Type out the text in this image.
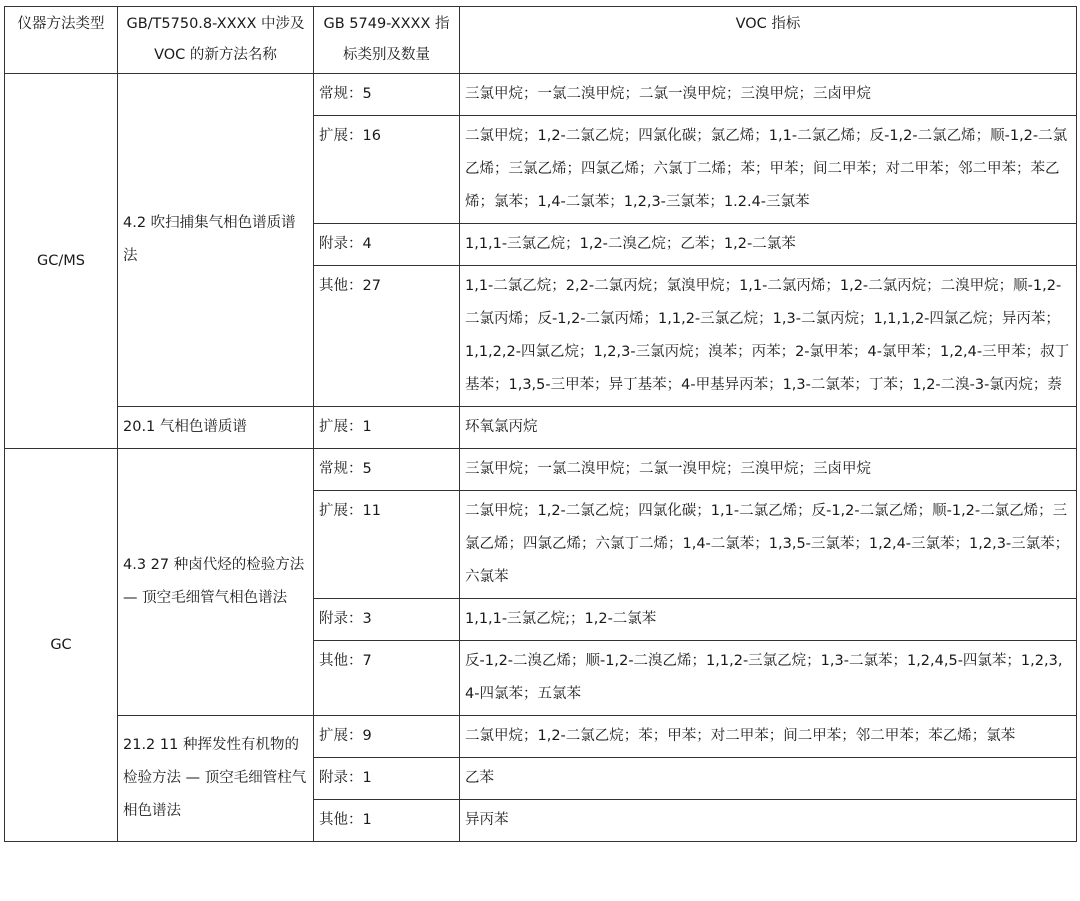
仪器方法类型	GB/T5750.8-XXXX 中涉及 VOC 的新方法名称	GB 5749-XXXX 指标类别及数量	VOC 指标
GC/MS	4.2 吹扫捕集气相色谱质谱法	常规：5	三氯甲烷；一氯二溴甲烷；二氯一溴甲烷；三溴甲烷；三卤甲烷
		扩展：16	二氯甲烷；1,2-二氯乙烷；四氯化碳；氯乙烯；1,1-二氯乙烯；反-1,2-二氯乙烯；顺-1,2-二氯乙烯；三氯乙烯；四氯乙烯；六氯丁二烯；苯；甲苯；间二甲苯；对二甲苯；邻二甲苯；苯乙烯；氯苯；1,4-二氯苯；1,2,3-三氯苯；1.2.4-三氯苯
		附录：4	1,1,1-三氯乙烷；1,2-二溴乙烷；乙苯；1,2-二氯苯
		其他：27	1,1-二氯乙烷；2,2-二氯丙烷；氯溴甲烷；1,1-二氯丙烯；1,2-二氯丙烷；二溴甲烷；顺-1,2-二氯丙烯；反-1,2-二氯丙烯；1,1,2-三氯乙烷；1,3-二氯丙烷；1,1,1,2-四氯乙烷；异丙苯；1,1,2,2-四氯乙烷；1,2,3-三氯丙烷；溴苯；丙苯；2-氯甲苯；4-氯甲苯；1,2,4-三甲苯；叔丁基苯；1,3,5-三甲苯；异丁基苯；4-甲基异丙苯；1,3-二氯苯；丁苯；1,2-二溴-3-氯丙烷；萘
	20.1 气相色谱质谱	扩展：1	环氧氯丙烷
GC	4.3 27 种卤代烃的检验方法 — 顶空毛细管气相色谱法	常规：5	三氯甲烷；一氯二溴甲烷；二氯一溴甲烷；三溴甲烷；三卤甲烷
		扩展：11	二氯甲烷；1,2-二氯乙烷；四氯化碳；1,1-二氯乙烯；反-1,2-二氯乙烯；顺-1,2-二氯乙烯；三氯乙烯；四氯乙烯；六氯丁二烯；1,4-二氯苯；1,3,5-三氯苯；1,2,4-三氯苯；1,2,3-三氯苯；六氯苯
		附录：3	1,1,1-三氯乙烷;；1,2-二氯苯
		其他：7	反-1,2-二溴乙烯；顺-1,2-二溴乙烯；1,1,2-三氯乙烷；1,3-二氯苯；1,2,4,5-四氯苯；1,2,3,4-四氯苯；五氯苯
	21.2 11 种挥发性有机物的检验方法 — 顶空毛细管柱气相色谱法	扩展：9	二氯甲烷；1,2-二氯乙烷；苯；甲苯；对二甲苯；间二甲苯；邻二甲苯；苯乙烯；氯苯
		附录：1	乙苯
		其他：1	异丙苯
